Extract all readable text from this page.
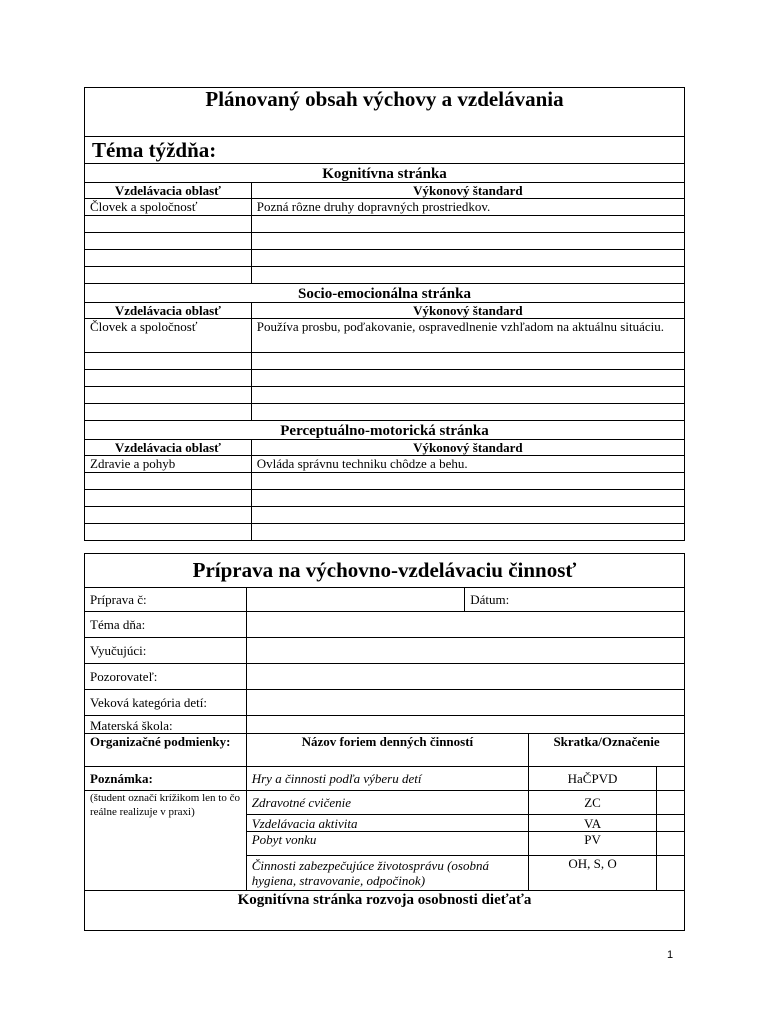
Plánovaný obsah výchovy a vzdelávania	
Téma týždňa:	
Kognitívna stránka	
Vzdelávacia oblasť	Výkonový štandard
Človek a spoločnosť	Pozná rôzne druhy dopravných prostriedkov.

Socio-emocionálna stránka	
Vzdelávacia oblasť	Výkonový štandard
Človek a spoločnosť	Používa prosbu, poďakovanie, ospravedlnenie vzhľadom na aktuálnu situáciu.

Perceptuálno-motorická stránka	
Vzdelávacia oblasť	Výkonový štandard
Zdravie a pohyb	Ovláda správnu techniku chôdze a behu.

Príprava na výchovno-vzdelávaciu činnosť				
Príprava č:		Dátum:		
Téma dňa:				
Vyučujúci:				
Pozorovateľ:				
Veková kategória detí:				
Materská škola:				
Organizačné podmienky:	Názov foriem denných činností		Skratka/Označenie	
Poznámka:	Hry a činnosti podľa výberu detí		HaČPVD	
(študent označí krížikom len to čo reálne realizuje v praxi)	Zdravotné cvičenie		ZC	
	Vzdelávacia aktivita		VA	
	Pobyt vonku		PV	
	Činnosti zabezpečujúce životosprávu (osobná hygiena, stravovanie, odpočinok)		OH, S, O	
Kognitívna stránka rozvoja osobnosti dieťaťa				
1
